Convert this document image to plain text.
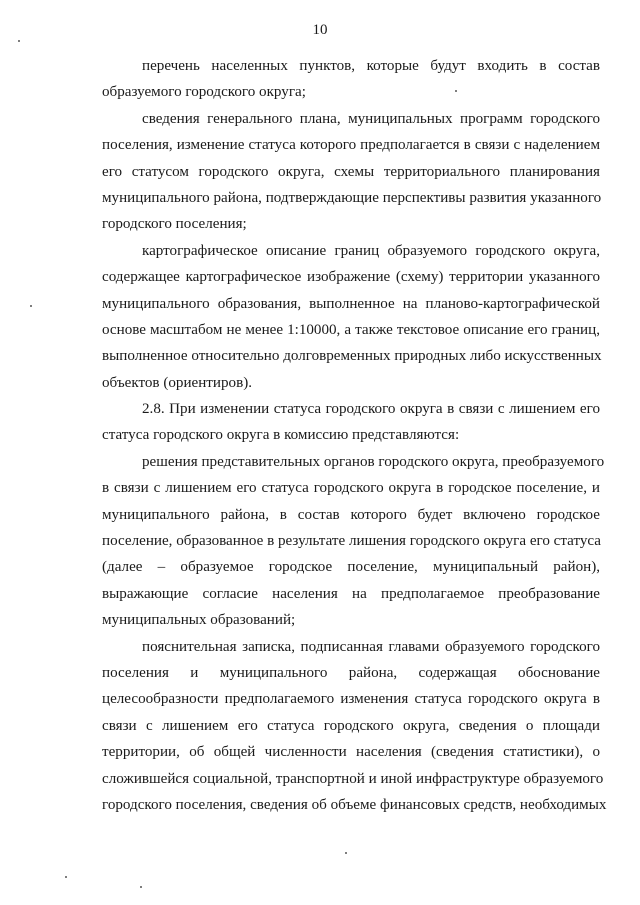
10
перечень населенных пунктов, которые будут входить в состав
образуемого городского округа;
сведения генерального плана, муниципальных программ городского
поселения, изменение статуса которого предполагается в связи с наделением
его статусом городского округа, схемы территориального планирования
муниципального района, подтверждающие перспективы развития указанного
городского поселения;
картографическое описание границ образуемого городского округа,
содержащее картографическое изображение (схему) территории указанного
муниципального образования, выполненное на планово-картографической
основе масштабом не менее 1:10000, а также текстовое описание его границ,
выполненное относительно долговременных природных либо искусственных
объектов (ориентиров).
2.8. При изменении статуса городского округа в связи с лишением его
статуса городского округа в комиссию представляются:
решения представительных органов городского округа, преобразуемого
в связи с лишением его статуса городского округа в городское поселение, и
муниципального района, в состав которого будет включено городское
поселение, образованное в результате лишения городского округа его статуса
(далее – образуемое городское поселение, муниципальный район),
выражающие согласие населения на предполагаемое преобразование
муниципальных образований;
пояснительная записка, подписанная главами образуемого городского
поселения и муниципального района, содержащая обоснование
целесообразности предполагаемого изменения статуса городского округа в
связи с лишением его статуса городского округа, сведения о площади
территории, об общей численности населения (сведения статистики), о
сложившейся социальной, транспортной и иной инфраструктуре образуемого
городского поселения, сведения об объеме финансовых средств, необходимых
